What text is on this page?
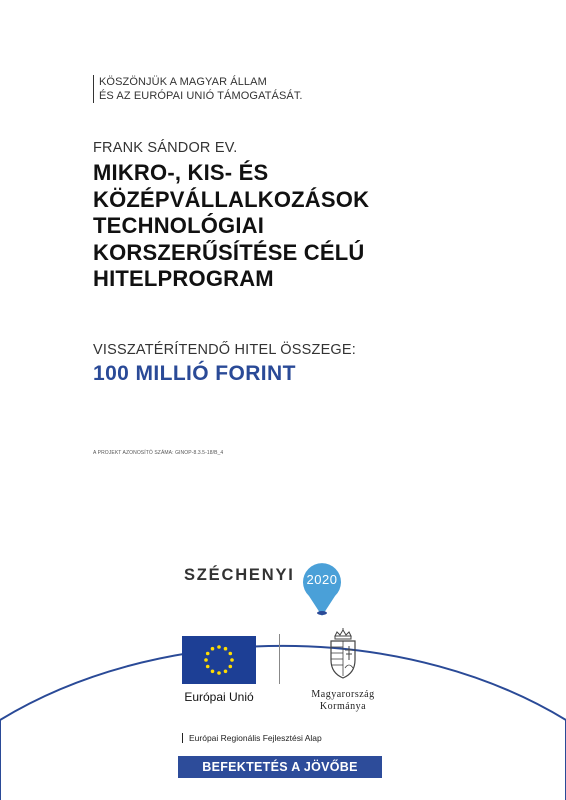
KÖSZÖNJÜK A MAGYAR ÁLLAM
ÉS AZ EURÓPAI UNIÓ TÁMOGATÁSÁT.
FRANK SÁNDOR EV.
MIKRO-, KIS- ÉS
KÖZÉPVÁLLALKOZÁSOK
TECHNOLÓGIAI
KORSZERŰSÍTÉSE CÉLÚ
HITELPROGRAM
VISSZATÉRÍTENDŐ HITEL ÖSSZEGE:
100 MILLIÓ FORINT
A PROJEKT AZONOSÍTÓ SZÁMA: GINOP-8.3.5-18/B_4
SZÉCHENYI 2020
Európai Unió	Magyarország
Kormánya
Európai Regionális Fejlesztési Alap
BEFEKTETÉS A JÖVŐBE
